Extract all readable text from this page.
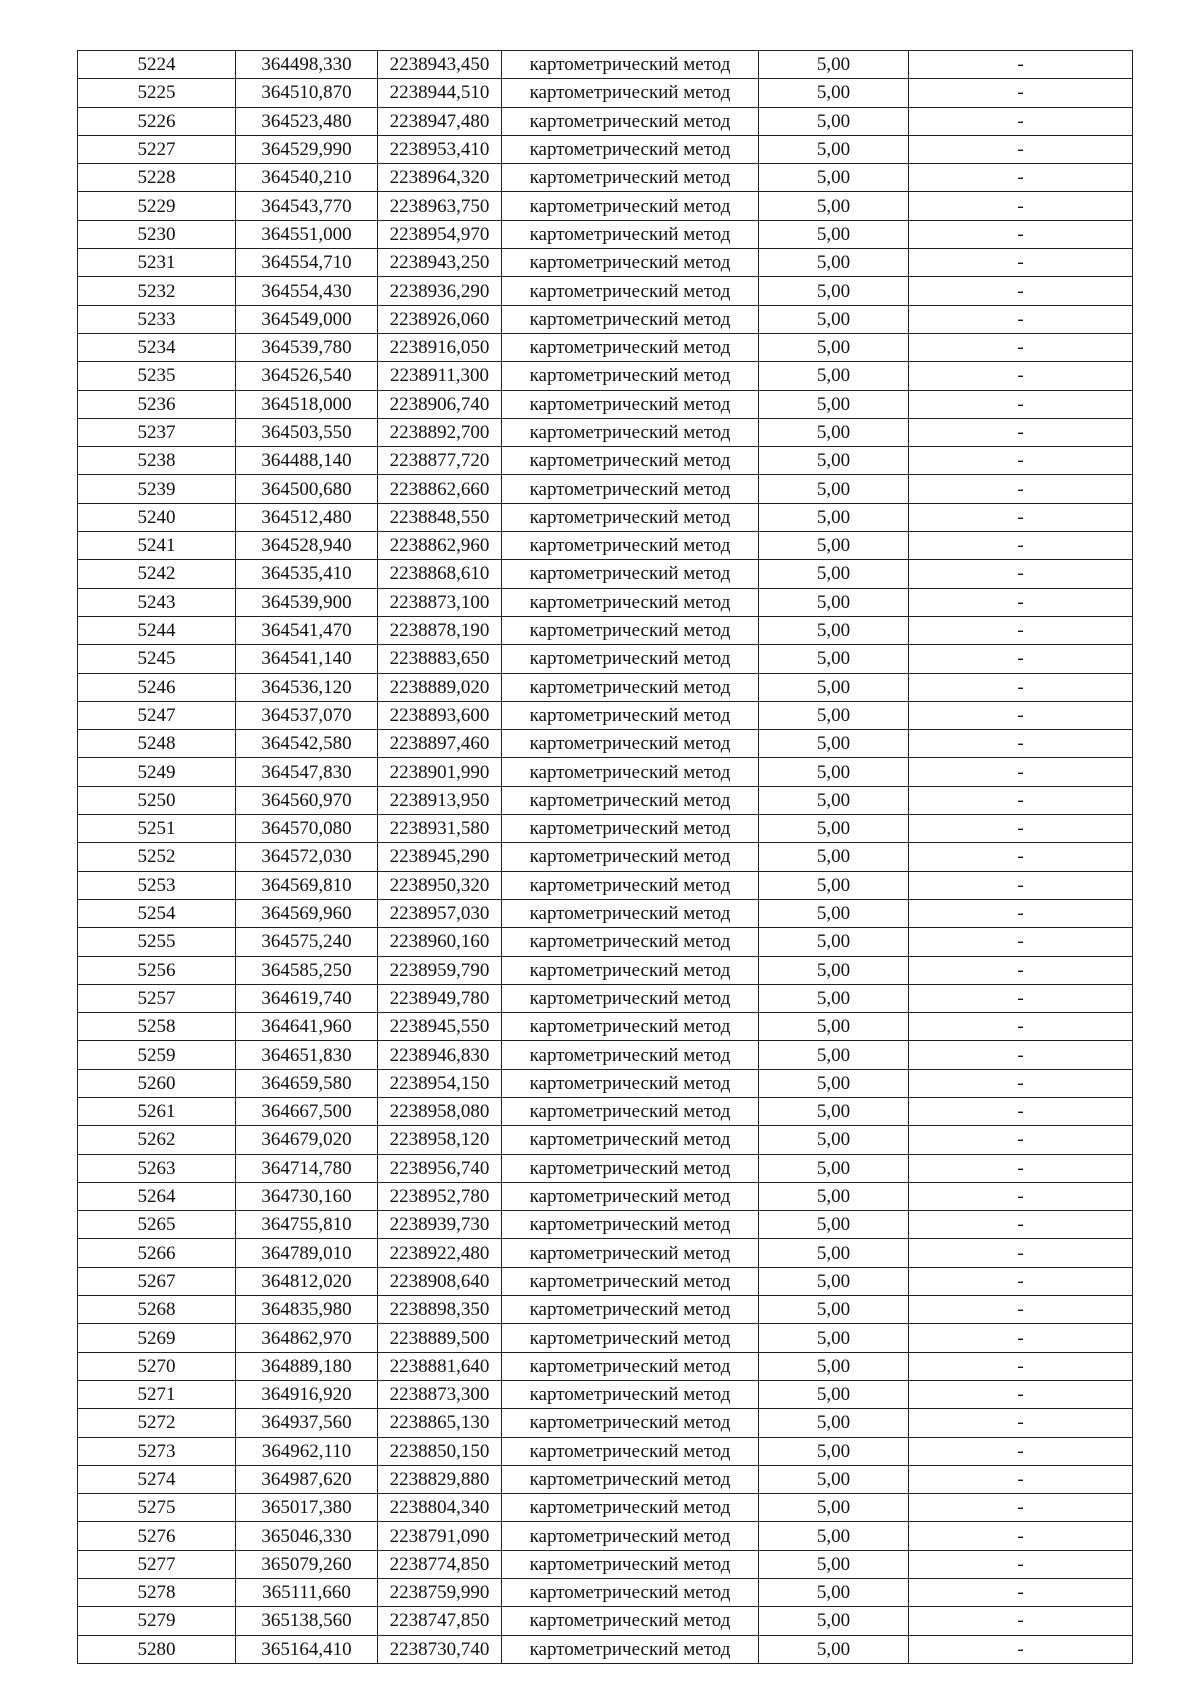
5224	364498,330	2238943,450	картометрический метод	5,00	-
5225	364510,870	2238944,510	картометрический метод	5,00	-
5226	364523,480	2238947,480	картометрический метод	5,00	-
5227	364529,990	2238953,410	картометрический метод	5,00	-
5228	364540,210	2238964,320	картометрический метод	5,00	-
5229	364543,770	2238963,750	картометрический метод	5,00	-
5230	364551,000	2238954,970	картометрический метод	5,00	-
5231	364554,710	2238943,250	картометрический метод	5,00	-
5232	364554,430	2238936,290	картометрический метод	5,00	-
5233	364549,000	2238926,060	картометрический метод	5,00	-
5234	364539,780	2238916,050	картометрический метод	5,00	-
5235	364526,540	2238911,300	картометрический метод	5,00	-
5236	364518,000	2238906,740	картометрический метод	5,00	-
5237	364503,550	2238892,700	картометрический метод	5,00	-
5238	364488,140	2238877,720	картометрический метод	5,00	-
5239	364500,680	2238862,660	картометрический метод	5,00	-
5240	364512,480	2238848,550	картометрический метод	5,00	-
5241	364528,940	2238862,960	картометрический метод	5,00	-
5242	364535,410	2238868,610	картометрический метод	5,00	-
5243	364539,900	2238873,100	картометрический метод	5,00	-
5244	364541,470	2238878,190	картометрический метод	5,00	-
5245	364541,140	2238883,650	картометрический метод	5,00	-
5246	364536,120	2238889,020	картометрический метод	5,00	-
5247	364537,070	2238893,600	картометрический метод	5,00	-
5248	364542,580	2238897,460	картометрический метод	5,00	-
5249	364547,830	2238901,990	картометрический метод	5,00	-
5250	364560,970	2238913,950	картометрический метод	5,00	-
5251	364570,080	2238931,580	картометрический метод	5,00	-
5252	364572,030	2238945,290	картометрический метод	5,00	-
5253	364569,810	2238950,320	картометрический метод	5,00	-
5254	364569,960	2238957,030	картометрический метод	5,00	-
5255	364575,240	2238960,160	картометрический метод	5,00	-
5256	364585,250	2238959,790	картометрический метод	5,00	-
5257	364619,740	2238949,780	картометрический метод	5,00	-
5258	364641,960	2238945,550	картометрический метод	5,00	-
5259	364651,830	2238946,830	картометрический метод	5,00	-
5260	364659,580	2238954,150	картометрический метод	5,00	-
5261	364667,500	2238958,080	картометрический метод	5,00	-
5262	364679,020	2238958,120	картометрический метод	5,00	-
5263	364714,780	2238956,740	картометрический метод	5,00	-
5264	364730,160	2238952,780	картометрический метод	5,00	-
5265	364755,810	2238939,730	картометрический метод	5,00	-
5266	364789,010	2238922,480	картометрический метод	5,00	-
5267	364812,020	2238908,640	картометрический метод	5,00	-
5268	364835,980	2238898,350	картометрический метод	5,00	-
5269	364862,970	2238889,500	картометрический метод	5,00	-
5270	364889,180	2238881,640	картометрический метод	5,00	-
5271	364916,920	2238873,300	картометрический метод	5,00	-
5272	364937,560	2238865,130	картометрический метод	5,00	-
5273	364962,110	2238850,150	картометрический метод	5,00	-
5274	364987,620	2238829,880	картометрический метод	5,00	-
5275	365017,380	2238804,340	картометрический метод	5,00	-
5276	365046,330	2238791,090	картометрический метод	5,00	-
5277	365079,260	2238774,850	картометрический метод	5,00	-
5278	365111,660	2238759,990	картометрический метод	5,00	-
5279	365138,560	2238747,850	картометрический метод	5,00	-
5280	365164,410	2238730,740	картометрический метод	5,00	-
